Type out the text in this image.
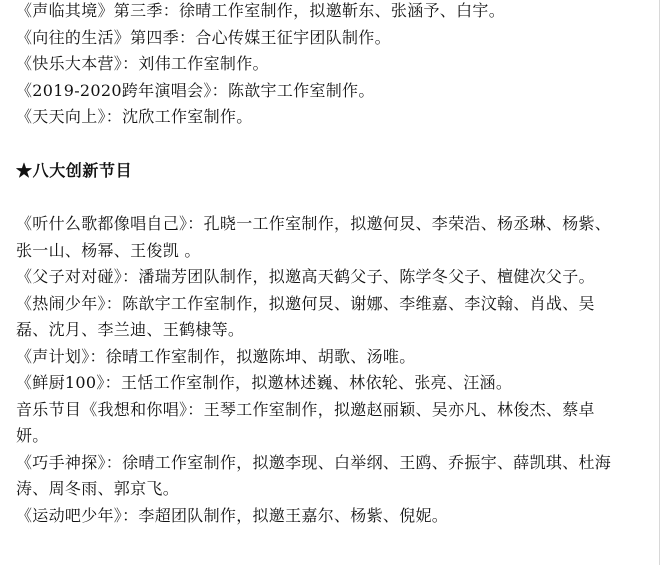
《声临其境》第三季：徐晴工作室制作，拟邀靳东、张涵予、白宇。
《向往的生活》第四季：合心传媒王征宇团队制作。
《快乐大本营》：刘伟工作室制作。
《2019-2020跨年演唱会》：陈歆宇工作室制作。
《天天向上》：沈欣工作室制作。
★八大创新节目
《听什么歌都像唱自己》：孔晓一工作室制作，拟邀何炅、李荣浩、杨丞琳、杨紫、
张一山、杨幂、王俊凯 。
《父子对对碰》：潘瑞芳团队制作，拟邀高天鹤父子、陈学冬父子、檀健次父子。
《热闹少年》：陈歆宇工作室制作，拟邀何炅、谢娜、李维嘉、李汶翰、肖战、吴
磊、沈月、李兰迪、王鹤棣等。
《声计划》：徐晴工作室制作，拟邀陈坤、胡歌、汤唯。
《鲜厨100》：王恬工作室制作，拟邀林述巍、林依轮、张亮、汪涵。
音乐节目《我想和你唱》：王琴工作室制作，拟邀赵丽颖、吴亦凡、林俊杰、蔡卓
妍。
《巧手神探》：徐晴工作室制作，拟邀李现、白举纲、王鸥、乔振宇、薛凯琪、杜海
涛、周冬雨、郭京飞。
《运动吧少年》：李超团队制作，拟邀王嘉尔、杨紫、倪妮。
